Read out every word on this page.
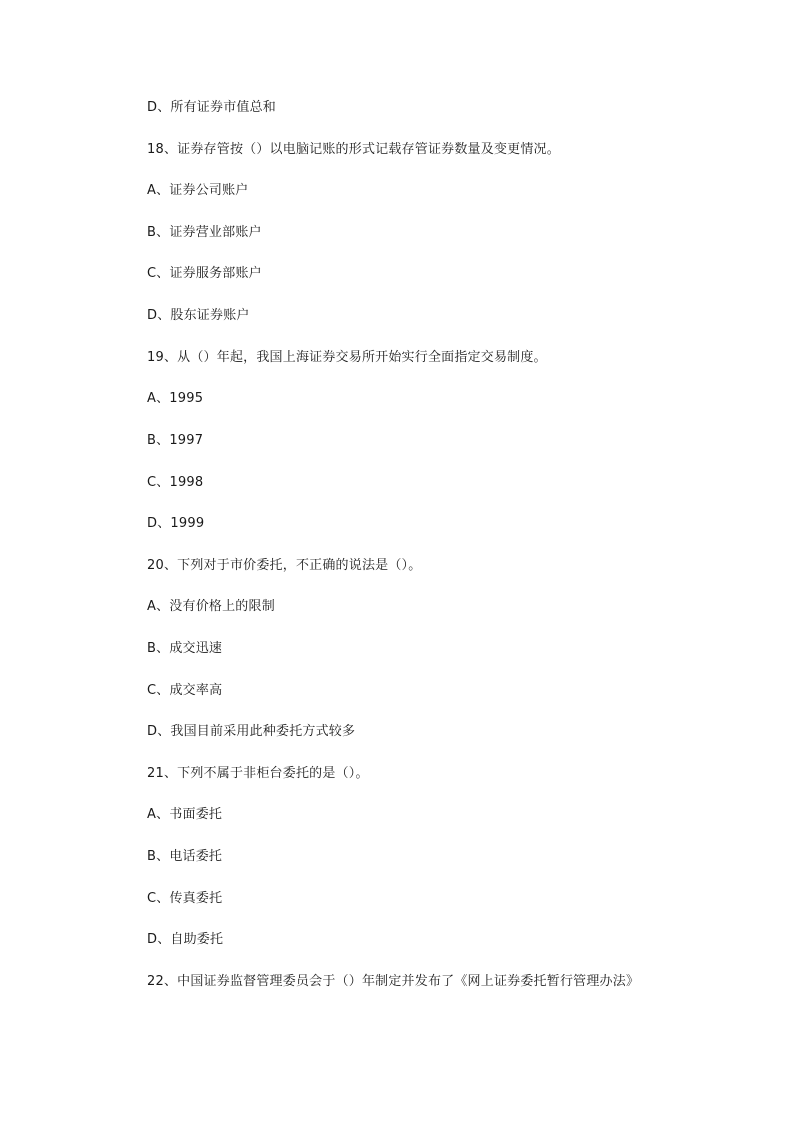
D、所有证券市值总和
18、证券存管按（）以电脑记账的形式记载存管证券数量及变更情况。
A、证券公司账户
B、证券营业部账户
C、证券服务部账户
D、股东证券账户
19、从（）年起，我国上海证券交易所开始实行全面指定交易制度。
A、1995
B、1997
C、1998
D、1999
20、下列对于市价委托，不正确的说法是（）。
A、没有价格上的限制
B、成交迅速
C、成交率高
D、我国目前采用此种委托方式较多
21、下列不属于非柜台委托的是（）。
A、书面委托
B、电话委托
C、传真委托
D、自助委托
22、中国证券监督管理委员会于（）年制定并发布了《网上证券委托暂行管理办法》
